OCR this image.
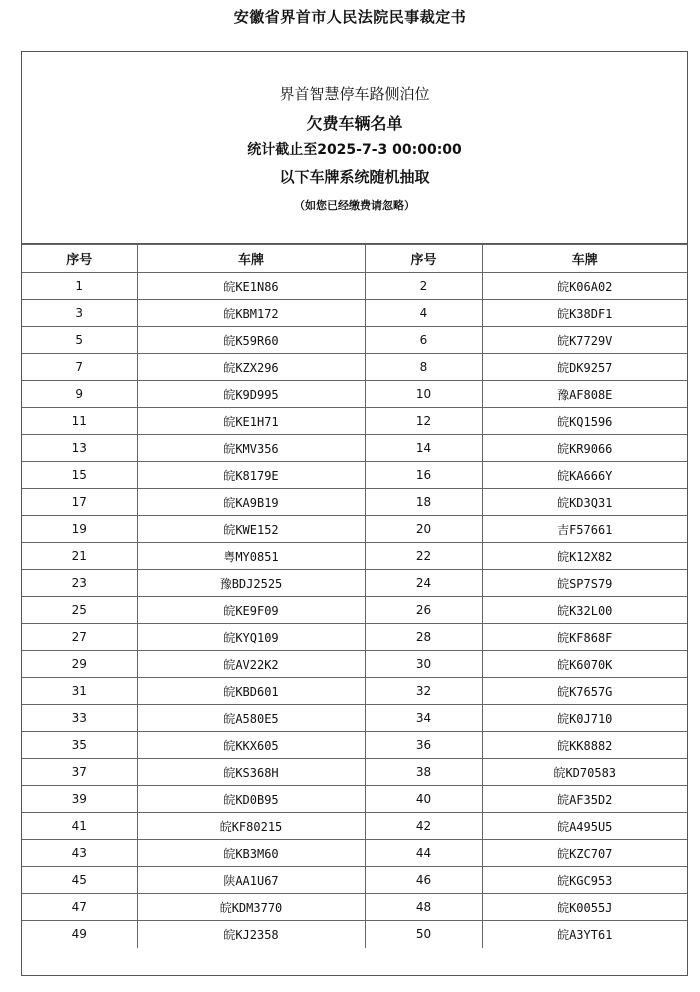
安徽省界首市人民法院民事裁定书
界首智慧停车路侧泊位
欠费车辆名单
统计截止至2025-7-3 00:00:00
以下车牌系统随机抽取
（如您已经缴费请忽略）
序号	车牌	序号	车牌
1	皖KE1N86	2	皖K06A02
3	皖KBM172	4	皖K38DF1
5	皖K59R60	6	皖K7729V
7	皖KZX296	8	皖DK9257
9	皖K9D995	10	豫AF808E
11	皖KE1H71	12	皖KQ1596
13	皖KMV356	14	皖KR9066
15	皖K8179E	16	皖KA666Y
17	皖KA9B19	18	皖KD3Q31
19	皖KWE152	20	吉F57661
21	粤MY0851	22	皖K12X82
23	豫BDJ2525	24	皖SP7S79
25	皖KE9F09	26	皖K32L00
27	皖KYQ109	28	皖KF868F
29	皖AV22K2	30	皖K6070K
31	皖KBD601	32	皖K7657G
33	皖A580E5	34	皖K0J710
35	皖KKX605	36	皖KK8882
37	皖KS368H	38	皖KD70583
39	皖KD0B95	40	皖AF35D2
41	皖KF80215	42	皖A495U5
43	皖KB3M60	44	皖KZC707
45	陕AA1U67	46	皖KGC953
47	皖KDM3770	48	皖K0055J
49	皖KJ2358	50	皖A3YT61
